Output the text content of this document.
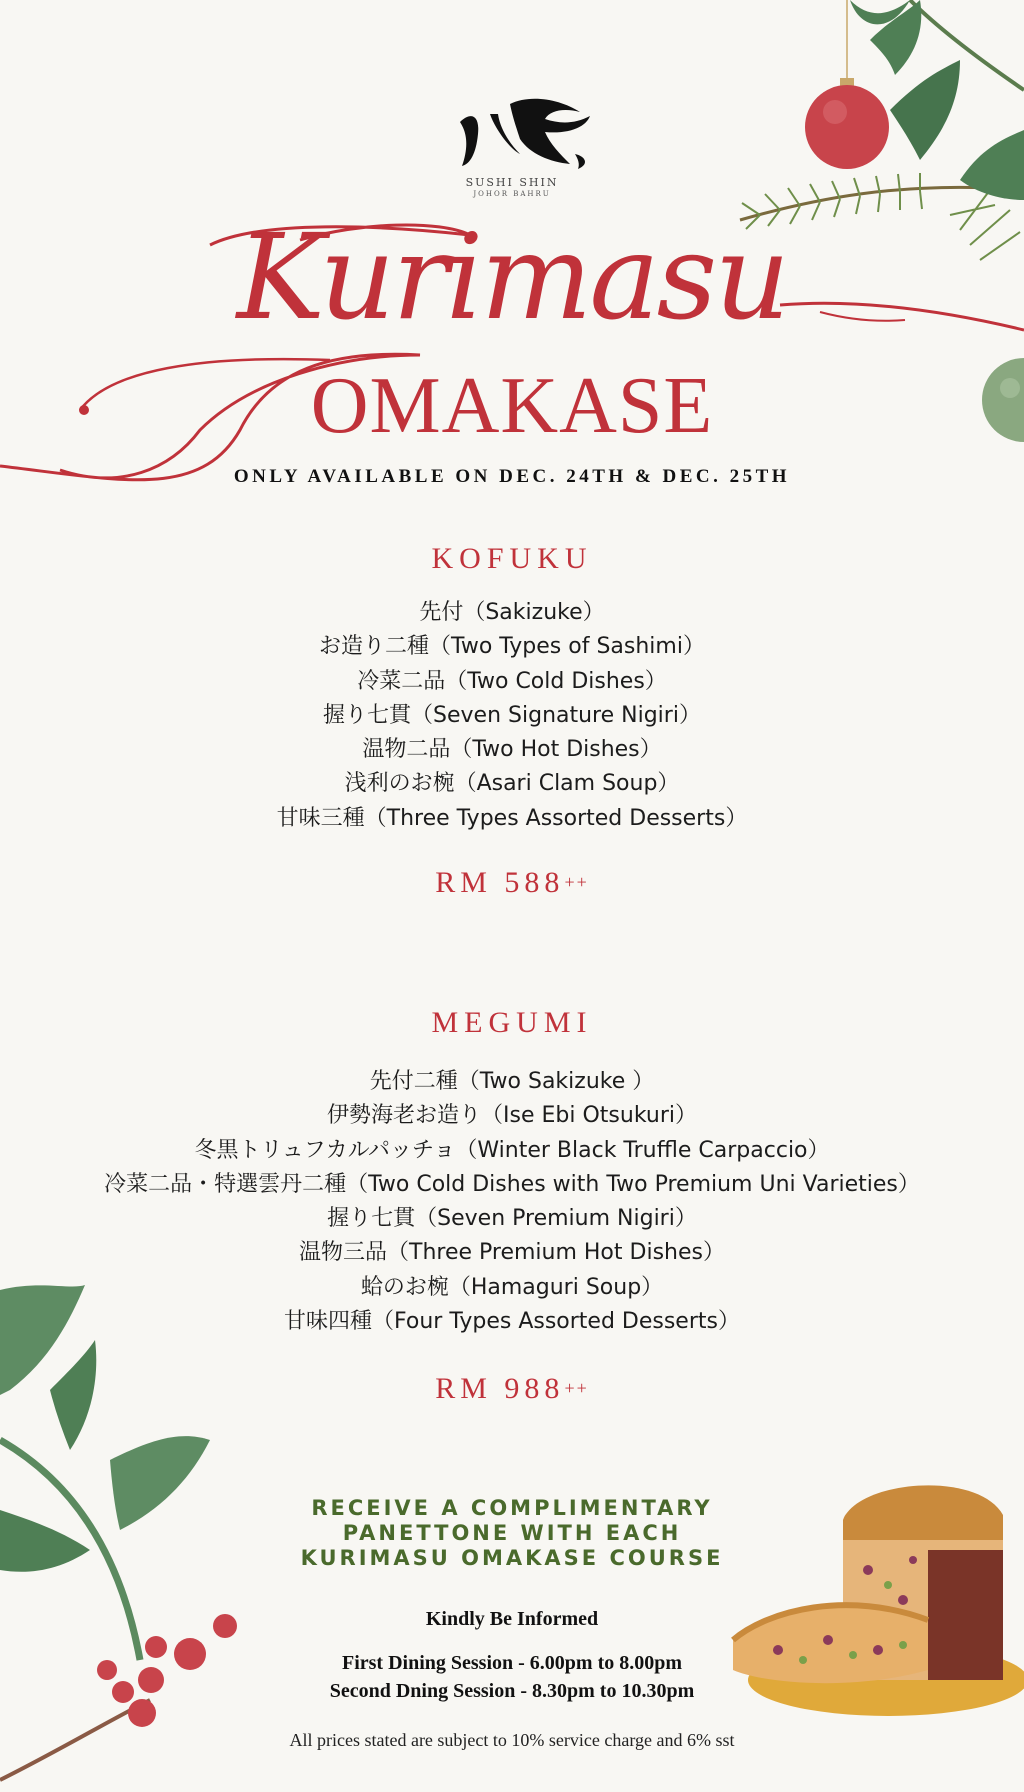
SUSHI SHIN
JOHOR BAHRU
Kurimasu
OMAKASE
ONLY AVAILABLE ON DEC. 24TH & DEC. 25TH
KOFUKU
先付（Sakizuke）
お造り二種（Two Types of Sashimi）
冷菜二品（Two Cold Dishes）
握り七貫（Seven Signature Nigiri）
温物二品（Two Hot Dishes）
浅利のお椀（Asari Clam Soup）
甘味三種（Three Types Assorted Desserts）
RM 588++
MEGUMI
先付二種（Two Sakizuke ）
伊勢海老お造り（Ise Ebi Otsukuri）
冬黒トリュフカルパッチョ（Winter Black Truffle Carpaccio）
冷菜二品・特選雲丹二種（Two Cold Dishes with Two Premium Uni Varieties）
握り七貫（Seven Premium Nigiri）
温物三品（Three Premium Hot Dishes）
蛤のお椀（Hamaguri Soup）
甘味四種（Four Types Assorted Desserts）
RM 988++
RECEIVE A COMPLIMENTARY
PANETTONE WITH EACH
KURIMASU OMAKASE COURSE
Kindly Be Informed
First Dining Session - 6.00pm to 8.00pm
Second Dning Session - 8.30pm to 10.30pm
All prices stated are subject to 10% service charge and 6% sst
